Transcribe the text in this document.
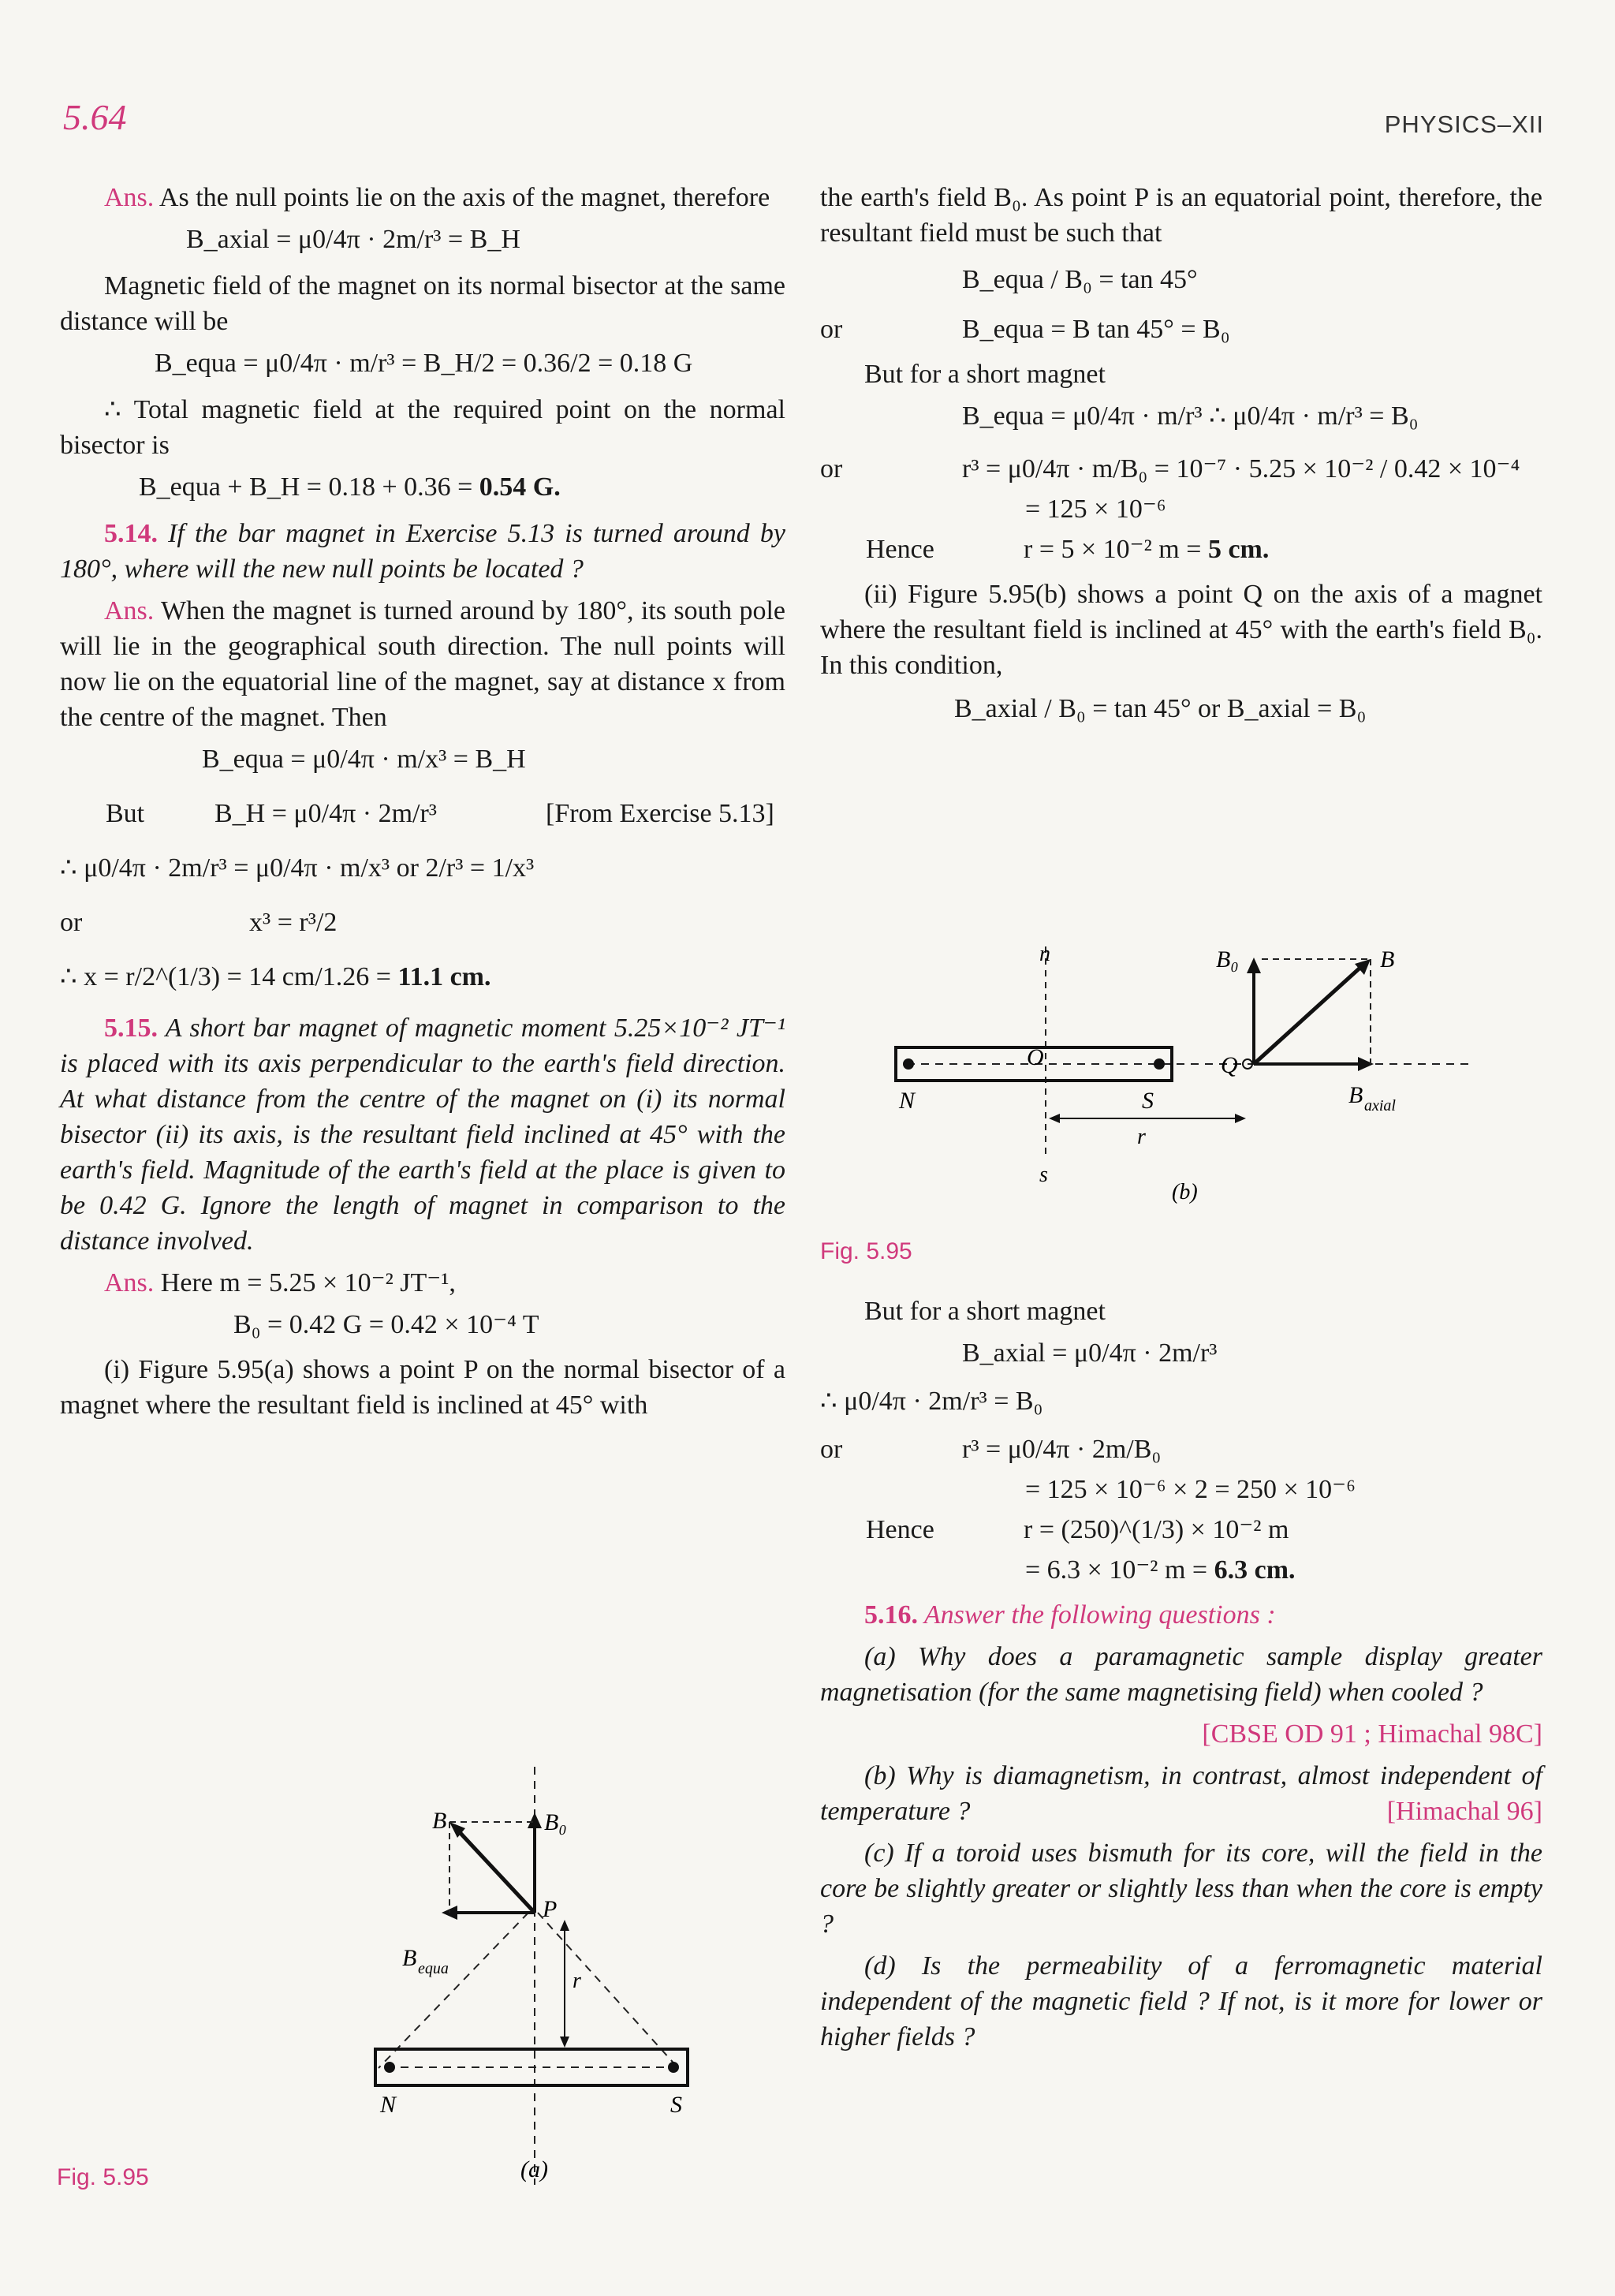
5.64	PHYSICS–XII

Ans. As the null points lie on the axis of the magnet, therefore

B_axial = μ0/4π · 2m/r³ = B_H

Magnetic field of the magnet on its normal bisector at the same distance will be

B_equa = μ0/4π · m/r³ = B_H/2 = 0.36/2 = 0.18 G

∴ Total magnetic field at the required point on the normal bisector is

B_equa + B_H = 0.18 + 0.36 = 0.54 G.

5.14. If the bar magnet in Exercise 5.13 is turned around by 180°, where will the new null points be located ?

Ans. When the magnet is turned around by 180°, its south pole will lie in the geographical south direction. The null points will now lie on the equatorial line of the magnet, say at distance x from the centre of the magnet. Then

B_equa = μ0/4π · m/x³ = B_H
But	B_H = μ0/4π · 2m/r³	[From Exercise 5.13]
∴ μ0/4π · 2m/r³ = μ0/4π · m/x³ or 2/r³ = 1/x³
or	x³ = r³/2
∴ x = r/2^(1/3) = 14 cm/1.26 = 11.1 cm.

5.15. A short bar magnet of magnetic moment 5.25×10⁻² JT⁻¹ is placed with its axis perpendicular to the earth's field direction. At what distance from the centre of the magnet on (i) its normal bisector (ii) its axis, is the resultant field inclined at 45° with the earth's field. Magnitude of the earth's field at the place is given to be 0.42 G. Ignore the length of magnet in comparison to the distance involved.

Ans. Here m = 5.25 × 10⁻² JT⁻¹,

B₀ = 0.42 G = 0.42 × 10⁻⁴ T

(i) Figure 5.95(a) shows a point P on the normal bisector of a magnet where the resultant field is inclined at 45° with

B	B₀
P
B equa	r
N	S
(a)
Fig. 5.95

the earth's field B₀. As point P is an equatorial point, therefore, the resultant field must be such that

B_equa / B₀ = tan 45°
or	B_equa = B tan 45° = B₀

But for a short magnet

B_equa = μ0/4π · m/r³ ∴ μ0/4π · m/r³ = B₀
or	r³ = μ0/4π · m/B₀ = 10⁻⁷ · 5.25 × 10⁻² / 0.42 × 10⁻⁴
= 125 × 10⁻⁶
Hence	r = 5 × 10⁻² m = 5 cm.

(ii) Figure 5.95(b) shows a point Q on the axis of a magnet where the resultant field is inclined at 45° with the earth's field B₀. In this condition,

B_axial / B₀ = tan 45° or B_axial = B₀
n
s
O	Q
N	S
r
B₀	B
B axial
(b)
Fig. 5.95

But for a short magnet

B_axial = μ0/4π · 2m/r³
∴ μ0/4π · 2m/r³ = B₀
or	r³ = μ0/4π · 2m/B₀
= 125 × 10⁻⁶ × 2 = 250 × 10⁻⁶
Hence	r = (250)^(1/3) × 10⁻² m
= 6.3 × 10⁻² m = 6.3 cm.

5.16. Answer the following questions :

(a) Why does a paramagnetic sample display greater magnetisation (for the same magnetising field) when cooled ?

[CBSE OD 91 ; Himachal 98C]

(b) Why is diamagnetism, in contrast, almost independent of temperature ?	[Himachal 96]

(c) If a toroid uses bismuth for its core, will the field in the core be slightly greater or slightly less than when the core is empty ?

(d) Is the permeability of a ferromagnetic material independent of the magnetic field ? If not, is it more for lower or higher fields ?
